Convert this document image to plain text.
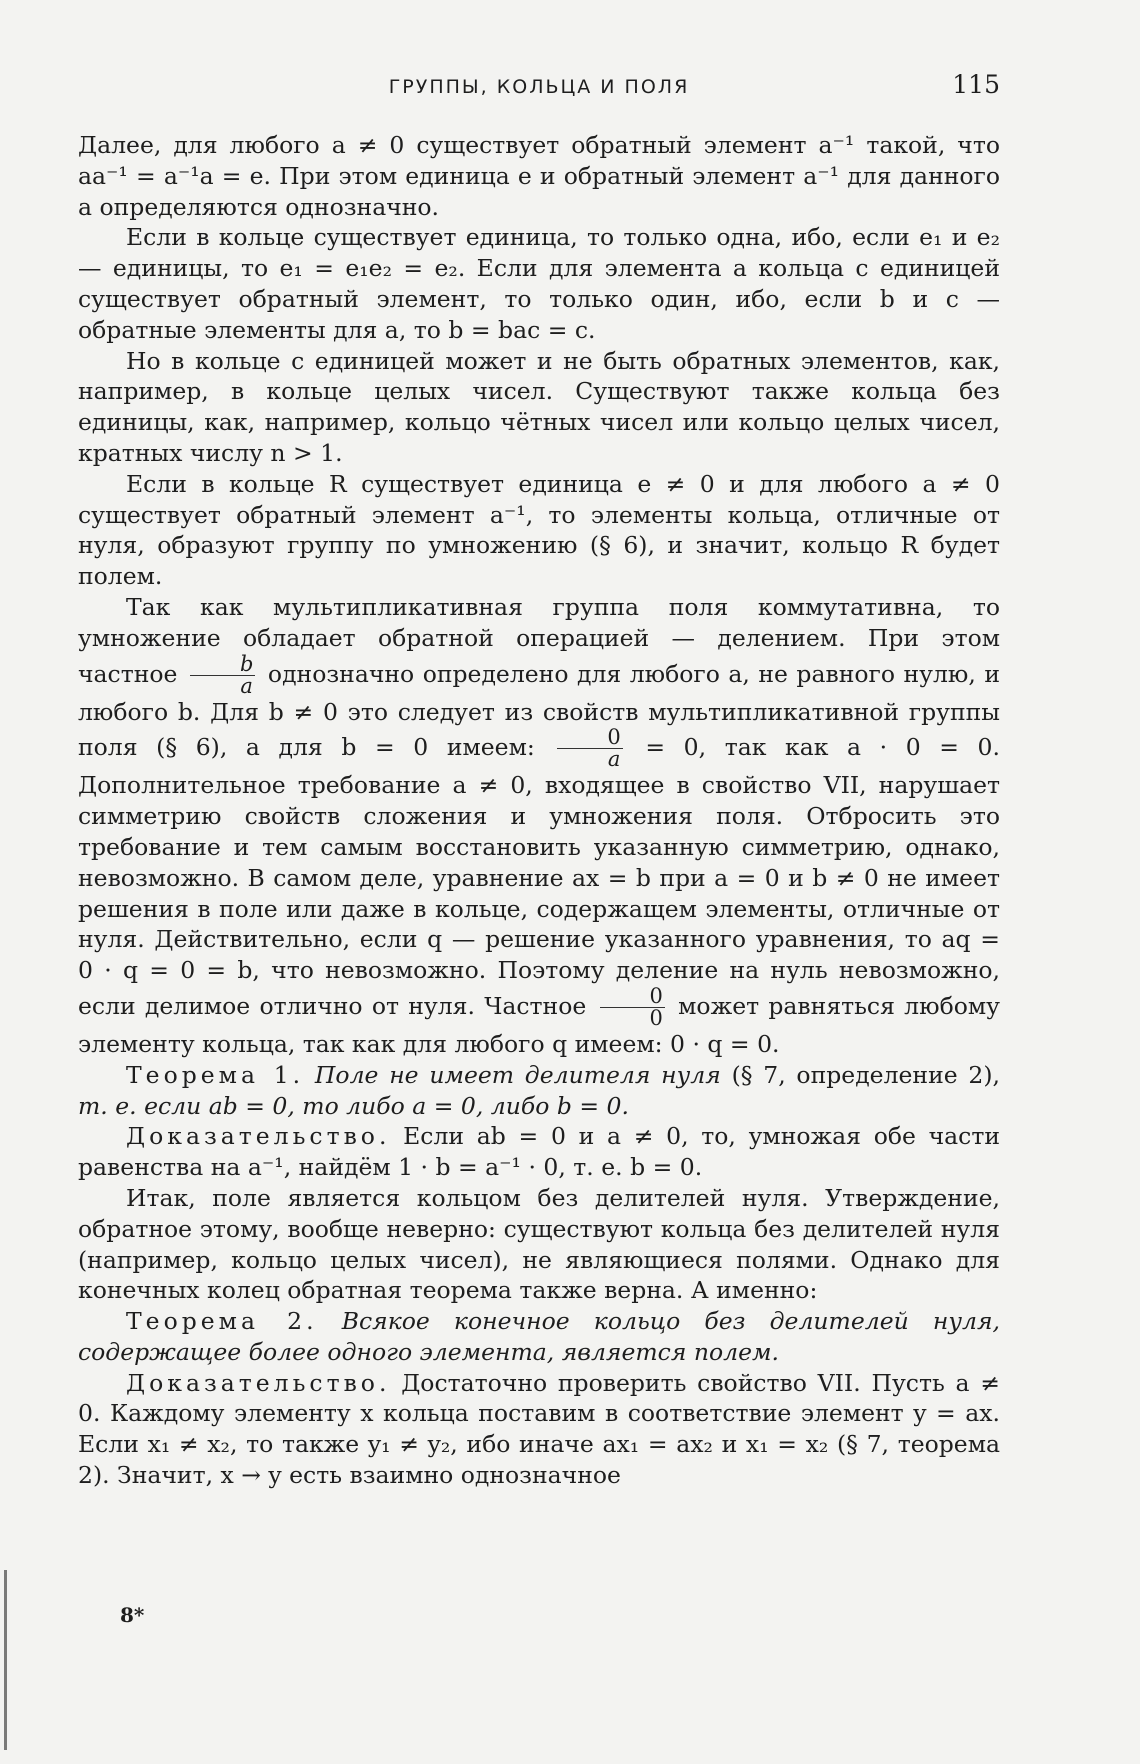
ГРУППЫ, КОЛЬЦА И ПОЛЯ	115

Далее, для любого a ≠ 0 существует обратный элемент a⁻¹ такой, что aa⁻¹ = a⁻¹a = e. При этом единица e и обратный элемент a⁻¹ для данного a определяются однозначно.

Если в кольце существует единица, то только одна, ибо, если e₁ и e₂ — единицы, то e₁ = e₁e₂ = e₂. Если для элемента a кольца с единицей существует обратный элемент, то только один, ибо, если b и c — обратные элементы для a, то b = bac = c.

Но в кольце с единицей может и не быть обратных элементов, как, например, в кольце целых чисел. Существуют также кольца без единицы, как, например, кольцо чётных чисел или кольцо целых чисел, кратных числу n > 1.

Если в кольце R существует единица e ≠ 0 и для любого a ≠ 0 существует обратный элемент a⁻¹, то элементы кольца, отличные от нуля, образуют группу по умножению (§ 6), и значит, кольцо R будет полем.

Так как мультипликативная группа поля коммутативна, то умножение обладает обратной операцией — делением. При этом частное $\frac{b}{a}$ однозначно определено для любого a, не равного нулю, и любого b. Для b ≠ 0 это следует из свойств мультипликативной группы поля (§ 6), а для b = 0 имеем: $\frac{0}{a} = 0$, так как a · 0 = 0. Дополнительное требование a ≠ 0, входящее в свойство VII, нарушает симметрию свойств сложения и умножения поля. Отбросить это требование и тем самым восстановить указанную симметрию, однако, невозможно. В самом деле, уравнение ax = b при a = 0 и b ≠ 0 не имеет решения в поле или даже в кольце, содержащем элементы, отличные от нуля. Действительно, если q — решение указанного уравнения, то aq = 0 · q = 0 = b, что невозможно. Поэтому деление на нуль невозможно, если делимое отлично от нуля. Частное $\frac{0}{0}$ может равняться любому элементу кольца, так как для любого q имеем: 0 · q = 0.

Теорема 1. Поле не имеет делителя нуля (§ 7, определение 2), т. е. если ab = 0, то либо a = 0, либо b = 0.

Доказательство. Если ab = 0 и a ≠ 0, то, умножая обе части равенства на a⁻¹, найдём 1 · b = a⁻¹ · 0, т. е. b = 0.

Итак, поле является кольцом без делителей нуля. Утверждение, обратное этому, вообще неверно: существуют кольца без делителей нуля (например, кольцо целых чисел), не являющиеся полями. Однако для конечных колец обратная теорема также верна. А именно:

Теорема 2. Всякое конечное кольцо без делителей нуля, содержащее более одного элемента, является полем.

Доказательство. Достаточно проверить свойство VII. Пусть a ≠ 0. Каждому элементу x кольца поставим в соответствие элемент y = ax. Если x₁ ≠ x₂, то также y₁ ≠ y₂, ибо иначе ax₁ = ax₂ и x₁ = x₂ (§ 7, теорема 2). Значит, x → y есть взаимно однозначное

8*
